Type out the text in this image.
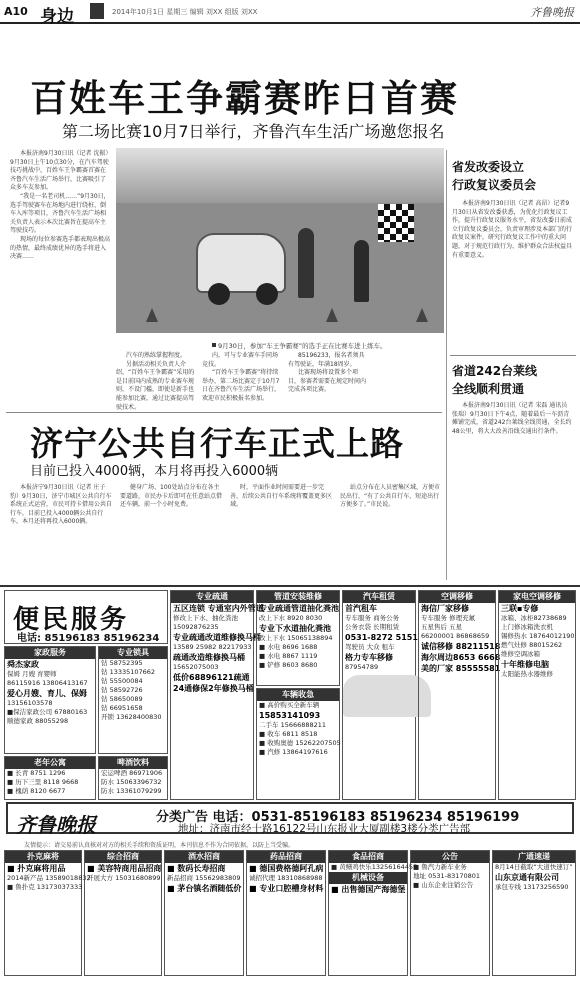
A10 身边	2014年10月1日 星期三 编辑 刘XX 组版 刘XX	齐鲁晚报
百姓车王争霸赛昨日首赛
第二场比赛10月7日举行，齐鲁汽车生活广场邀您报名

本报济南9月30日讯（记者 沈振）9月30日上午10点30分，在汽车驾驶技巧挑战中，百姓车王争霸赛首赛在齐鲁汽车生活广场举行，比赛吸引了众多车友参加。

“我是一名老司机……”9月30日，选手驾驶赛车在场地内进行绕桩、倒车入库等项目，齐鲁汽车生活广场相关负责人表示本次比赛旨在提高车主驾驶技巧。

现场的每位参赛选手都表现出极高的热情，最终成绩优异的选手将进入决赛……

9月30日，参加“车王争霸赛”的选手正在比赛车进上练车。

汽车的熟练掌握程度。

另据活动相关负责人介绍，“百姓车王争霸赛”采用的是目前国内成熟的专业赛车规则，不设门槛，即使是新手也能参加比赛，通过比赛提高驾驶技术。

内，可与专业赛车手同场竞技。

“百姓车王争霸赛”将持续举办，第二场比赛定于10月7日在齐鲁汽车生活广场举行，欢迎市民积极报名参加。

85196233，报名者须具有驾驶证，年满18周岁。

比赛现场将设置多个项目，参赛者需要在规定时间内完成各项比赛。

省发改委设立
行政复议委员会

本报济南9月30日讯（记者 高昂）记者9月30日从省发改委获悉，为优化行政复议工作，提升行政复议服务水平，省发改委日前成立行政复议委员会，负责审理涉及本部门的行政复议案件，研究行政复议工作中的重大问题，对于规范行政行为、维护群众合法权益具有重要意义。

省道242台莱线
全线顺利贯通

本报济南9月30日讯（记者 宋磊 通讯员 张瑞）9月30日下午4点，随着最后一车沥青摊铺完成，省道242台莱线全线贯通，全长约48公里，将大大改善沿线交通出行条件。

济宁公共自行车正式上路
目前已投入4000辆，本月将再投入6000辆

本报济宁9月30日讯（记者 庄子豹）9月30日，济宁市城区公共自行车系统正式运营，市民可持卡借用公共自行车，目前已投入4000辆公共自行车，本月还将再投入6000辆。

健身广场、100处站点分布在各主要道路，市民办卡后即可在任意站点借还车辆，前一个小时免费。

时，平面作业时间需要进一步完善，后续公共自行车系统将覆盖更多区域。

站点分布在人员密集区域，方便市民出行，“有了公共自行车，短途出行方便多了。”市民说。

便民服务
电话: 85196183 85196234
家政服务
舜杰家政
保姆 月嫂 育婴师
86115916 13806413167
爱心月嫂、育儿、保姆
13156103578
■保洁家政公司 67880163
顺德家政 88055298
老年公寓
■ 长青 8751 1296
■ 历下三里 8118 9668
■ 槐荫 8120 6677
专业锁具
钻 58752395
钻 13335107662
钻 55500084
钻 58592726
钻 58650089
钻 66951658
开锁 13628400830
啤酒饮料
宏运啤酒 86971906
防水 15063396732
防水 13361079299
专业疏通
五区连锁 专通室内外管道
修改上下水、抽化粪池
15092876235
专业疏通改道维修换马桶
13589 25982 82217933
疏通改造维修换马桶
15652075003
低价68896121疏通
24通修保2年修换马桶
管道安装维修
专业疏通管道抽化粪池
改上下水 8920 8030
专业下水道抽化粪池
改上下水 15065138894
■ 水电 8696 1688
■ 水电 8867 1119
■ 铲修 8603 8680
车辆收急
■ 高价购买全新车辆
15853141093
二手车 15666888211
■ 收车 6811 8518
■ 收购奥德 15262207505
■ 汽修 13864197616
汽车租赁
首汽租车
专车服务 商务公务
公务衣袋 长期租赁
0531-8272 5151
驾驶员 大众 租车
格力专车移修
87954789
空调移修
海信厂家移修
专车服务 修理充氟
五星售后 五星
66200001 86868659
诚信移修 88211518
海尔周边8653 6668
美的厂家 85555581
家电空调移修
三联▪专修
冰箱、冰柜82738689
上门修冰箱洗衣机
锡修热水 18764012190
燃气灶修 88015262
维修空调冰箱
十年维修电脑
太阳能热水器维修
齐鲁晚报	分类广告 电话：0531-85196183 85196234 85196199
地址：济南市经十路16122号山东报业大厦副楼3楼分类广告部
友情提示：请交易前认真核对对方的相关手续和资质证明，本刊信息不作为合同依据，以防上当受骗。
扑克麻将
■ 扑克麻将用品
2014新产品 13589018832
■ 鲁扑克 13173037333
综合招商
■ 美容特商用品招商
开展大方 15031680899
酒水招商
■ 数码长寿招商
新品招商 15562983809
■ 茅台镇名酒随低价
药品招商
■ 德国费格德阿孔病
诚招代理 18310868988
■ 专业口腔槽身材料
食品招商
■ 黄鳝鸡快乐13256164455
机械设备
■ 出售德国产海德堡
公告
■ 鲁汽力新车业务
地址 0531-83170801
■ 山东企业注销公告
广通速递
8月14日截取“大道快速订”
山东京通有限公司
承包专线 13173256590
